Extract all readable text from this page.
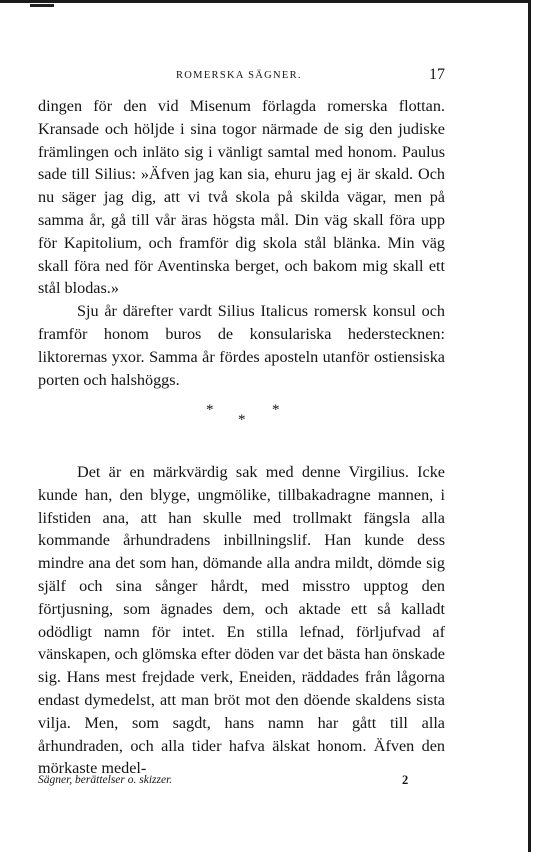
ROMERSKA SÄGNER.	17

dingen för den vid Misenum förlagda romerska flottan. Kransade och höljde i sina togor närmade de sig den judiske främlingen och inläto sig i vänligt samtal med honom. Paulus sade till Silius: »Äfven jag kan sia, ehuru jag ej är skald. Och nu säger jag dig, att vi två skola på skilda vägar, men på samma år, gå till vår äras högsta mål. Din väg skall föra upp för Kapitolium, och framför dig skola stål blänka. Min väg skall föra ned för Aventinska berget, och bakom mig skall ett stål blodas.»

Sju år därefter vardt Silius Italicus romersk konsul och framför honom buros de konsulariska hederstecknen: liktorernas yxor. Samma år fördes aposteln utanför ostiensiska porten och halshöggs.

*
*
*

Det är en märkvärdig sak med denne Virgilius. Icke kunde han, den blyge, ungmölike, tillbakadragne mannen, i lifstiden ana, att han skulle med trollmakt fängsla alla kommande århundradens inbillningslif. Han kunde dess mindre ana det som han, dömande alla andra mildt, dömde sig själf och sina sånger hårdt, med misstro upptog den förtjusning, som ägnades dem, och aktade ett så kalladt odödligt namn för intet. En stilla lefnad, förljufvad af vänskapen, och glömska efter döden var det bästa han önskade sig. Hans mest frejdade verk, Eneiden, räddades från lågorna endast dymedelst, att man bröt mot den döende skaldens sista vilja. Men, som sagdt, hans namn har gått till alla århundraden, och alla tider hafva älskat honom. Äfven den mörkaste medel-

Sägner, berättelser o. skizzer.	2
